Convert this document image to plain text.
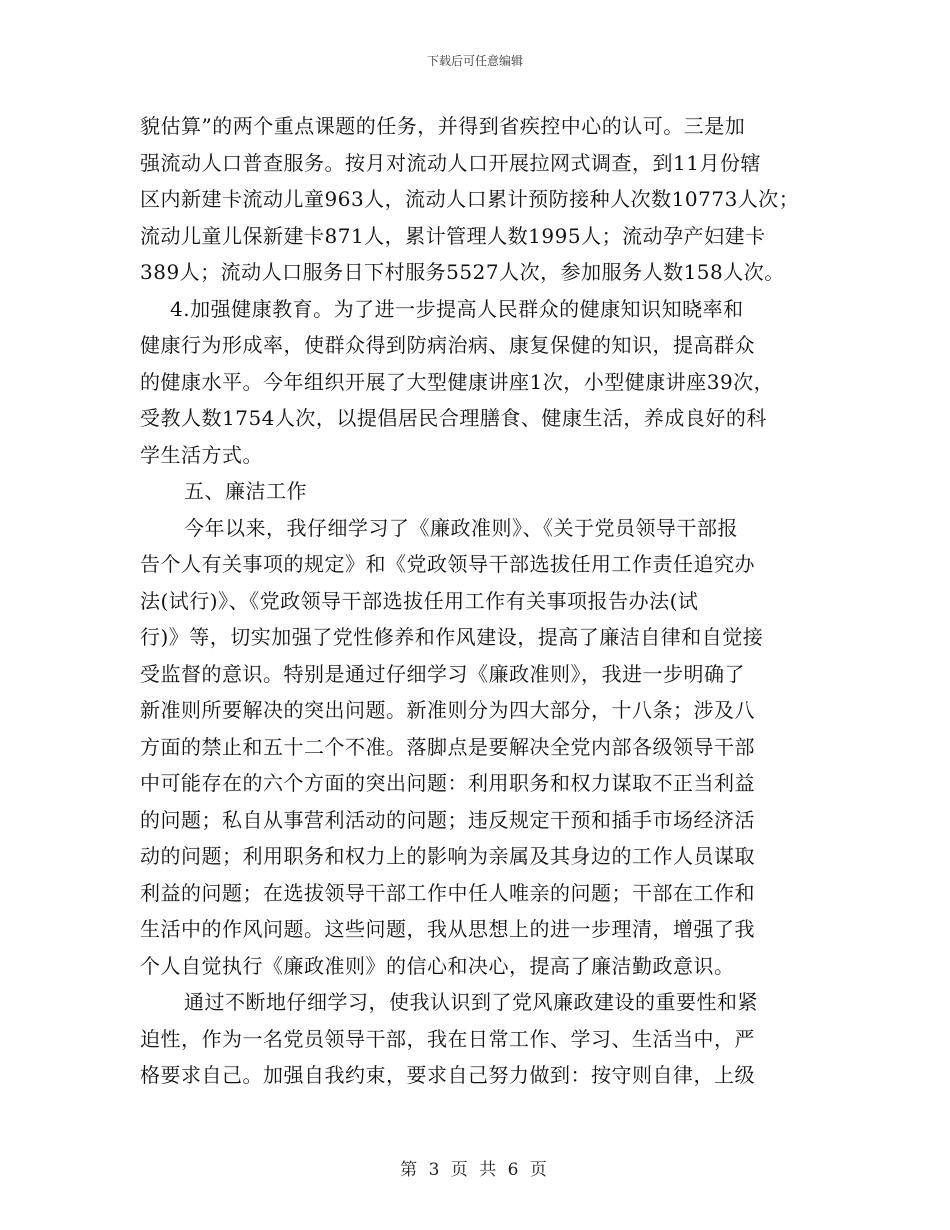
下载后可任意编辑
貌估算”的两个重点课题的任务，并得到省疾控中心的认可。三是加
强流动人口普查服务。按月对流动人口开展拉网式调查，到11月份辖
区内新建卡流动儿童963人，流动人口累计预防接种人次数10773人次；
流动儿童儿保新建卡871人，累计管理人数1995人；流动孕产妇建卡
389人；流动人口服务日下村服务5527人次，参加服务人数158人次。
4.加强健康教育。为了进一步提高人民群众的健康知识知晓率和
健康行为形成率，使群众得到防病治病、康复保健的知识，提高群众
的健康水平。今年组织开展了大型健康讲座1次，小型健康讲座39次，
受教人数1754人次，以提倡居民合理膳食、健康生活，养成良好的科
学生活方式。
五、廉洁工作
今年以来，我仔细学习了《廉政准则》、《关于党员领导干部报
告个人有关事项的规定》和《党政领导干部选拔任用工作责任追究办
法(试行)》、《党政领导干部选拔任用工作有关事项报告办法(试
行)》等，切实加强了党性修养和作风建设，提高了廉洁自律和自觉接
受监督的意识。特别是通过仔细学习《廉政准则》，我进一步明确了
新准则所要解决的突出问题。新准则分为四大部分，十八条；涉及八
方面的禁止和五十二个不准。落脚点是要解决全党内部各级领导干部
中可能存在的六个方面的突出问题：利用职务和权力谋取不正当利益
的问题；私自从事营利活动的问题；违反规定干预和插手市场经济活
动的问题；利用职务和权力上的影响为亲属及其身边的工作人员谋取
利益的问题；在选拔领导干部工作中任人唯亲的问题；干部在工作和
生活中的作风问题。这些问题，我从思想上的进一步理清，增强了我
个人自觉执行《廉政准则》的信心和决心，提高了廉洁勤政意识。
通过不断地仔细学习，使我认识到了党风廉政建设的重要性和紧
迫性，作为一名党员领导干部，我在日常工作、学习、生活当中，严
格要求自己。加强自我约束，要求自己努力做到：按守则自律，上级
第 3 页 共 6 页
